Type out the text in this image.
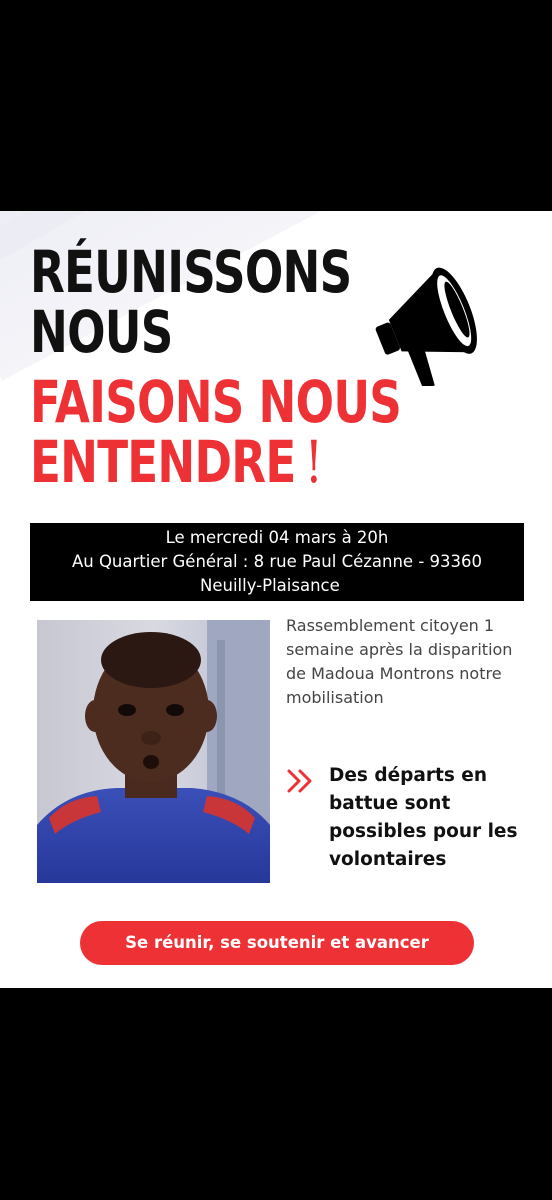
RÉUNISSONS
NOUS
FAISONS NOUS
ENTENDRE !
Le mercredi 04 mars à 20h
Au Quartier Général : 8 rue Paul Cézanne - 93360
Neuilly-Plaisance
Rassemblement citoyen 1 semaine après la disparition de Madoua Montrons notre mobilisation
Des départs en battue sont possibles pour les volontaires
Se réunir, se soutenir et avancer
